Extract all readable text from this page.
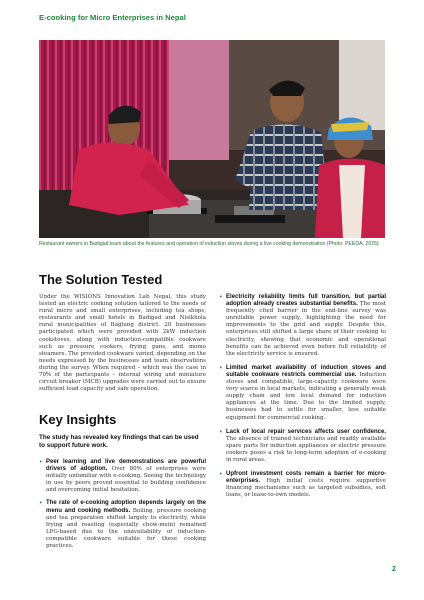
E-cooking for Micro Enterprises in Nepal
Restaurant owners in Badigad learn about the features and operation of induction stoves during a live cooking demonstration (Photo: PEEDA, 2025)
The Solution Tested

Under the WISIONS Innovation Lab Nepal, this study tested an electric cooking solution tailored to the needs of rural micro and small enterprises, including tea shops, restaurants and small hotels in Badigad and Nisikhola rural municipalities of Baglung district. 20 businesses participated which were provided with 2kW induction cookstoves, along with induction-compatible cookware such as pressure cookers, frying pans, and momo steamers. The provided cookware varied, depending on the needs expressed by the businesses and team observations during the survey. When required – which was the case in 70% of the participants – internal wiring and miniature circuit breaker (MCB) upgrades were carried out to ensure sufficient load capacity and safe operation.

Key Insights

The study has revealed key findings that can be used to support future work.

• Peer learning and live demonstrations are powerful drivers of adoption. Over 80% of enterprises were initially unfamiliar with e-cooking. Seeing the technology in use by peers proved essential to building confidence and overcoming initial hesitation.
• The rate of e-cooking adoption depends largely on the menu and cooking methods. Boiling, pressure cooking and tea preparation shifted largely to electricity, while frying and roasting (especially chow-mein) remained LPG-based due to the unavailability of induction-compatible cookware suitable for these cooking practices.
• Electricity reliability limits full transition, but partial adoption already creates substantial benefits. The most frequently cited barrier in the end-line survey was unreliable power supply, highlighting the need for improvements to the grid and supply. Despite this, enterprises still shifted a large share of their cooking to electricity, showing that economic and operational benefits can be achieved even before full reliability of the electricity service is ensured.
• Limited market availability of induction stoves and suitable cookware restricts commercial use. Induction stoves and compatible, large-capacity cookware were very scarce in local markets, indicating a generally weak supply chain and low local demand for induction appliances at the time. Due to the limited supply, businesses had to settle for smaller, less suitable equipment for commercial cooking.
• Lack of local repair services affects user confidence. The absence of trained technicians and readily available spare parts for induction appliances or electric pressure cookers poses a risk to long-term adoption of e-cooking in rural areas.
• Upfront investment costs remain a barrier for micro-enterprises. High initial costs require supportive financing mechanisms such as targeted subsidies, soft loans, or lease-to-own models.
2
